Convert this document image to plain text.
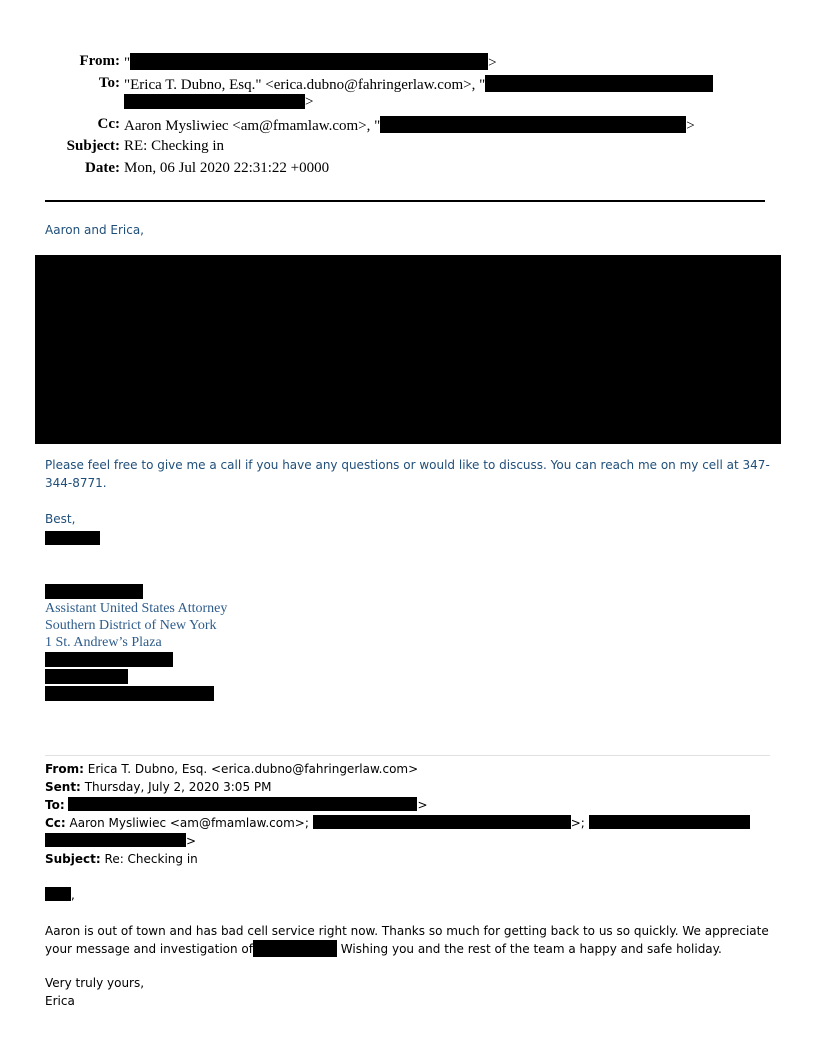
From: "	>
To: "Erica T. Dubno, Esq." <erica.dubno@fahringerlaw.com>, "
>
Cc: Aaron Mysliwiec <am@fmamlaw.com>, "	>
Subject: RE: Checking in
Date: Mon, 06 Jul 2020 22:31:22 +0000
Aaron and Erica,
Please feel free to give me a call if you have any questions or would like to discuss. You can reach me on my cell at 347-
344-8771.
Best,
Assistant United States Attorney
Southern District of New York
1 St. Andrew’s Plaza
From: Erica T. Dubno, Esq. <erica.dubno@fahringerlaw.com>
Sent: Thursday, July 2, 2020 3:05 PM
To:	>
Cc: Aaron Mysliwiec <am@fmamlaw.com>;	>;
>
Subject: Re: Checking in
,
Aaron is out of town and has bad cell service right now. Thanks so much for getting back to us so quickly. We appreciate
your message and investigation of	Wishing you and the rest of the team a happy and safe holiday.
Very truly yours,
Erica
